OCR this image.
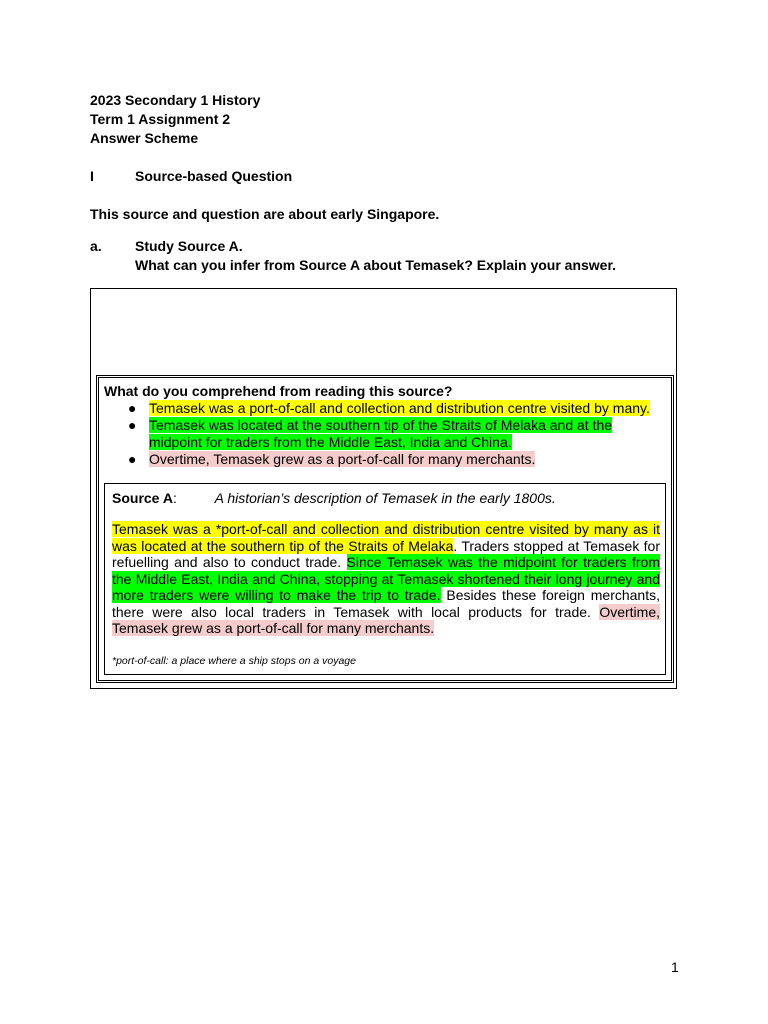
2023 Secondary 1 History
Term 1 Assignment 2
Answer Scheme
I	Source-based Question
This source and question are about early Singapore.
a. Study Source A.
What can you infer from Source A about Temasek? Explain your answer.
What do you comprehend from reading this source?
● Temasek was a port-of-call and collection and distribution centre visited by many.
● Temasek was located at the southern tip of the Straits of Melaka and at the midpoint for traders from the Middle East, India and China.
● Overtime, Temasek grew as a port-of-call for many merchants.
Source A:	A historian’s description of Temasek in the early 1800s.
Temasek was a *port-of-call and collection and distribution centre visited by many as it was located at the southern tip of the Straits of Melaka. Traders stopped at Temasek for refuelling and also to conduct trade. Since Temasek was the midpoint for traders from the Middle East, India and China, stopping at Temasek shortened their long journey and more traders were willing to make the trip to trade. Besides these foreign merchants, there were also local traders in Temasek with local products for trade. Overtime, Temasek grew as a port-of-call for many merchants.
*port-of-call: a place where a ship stops on a voyage
1
